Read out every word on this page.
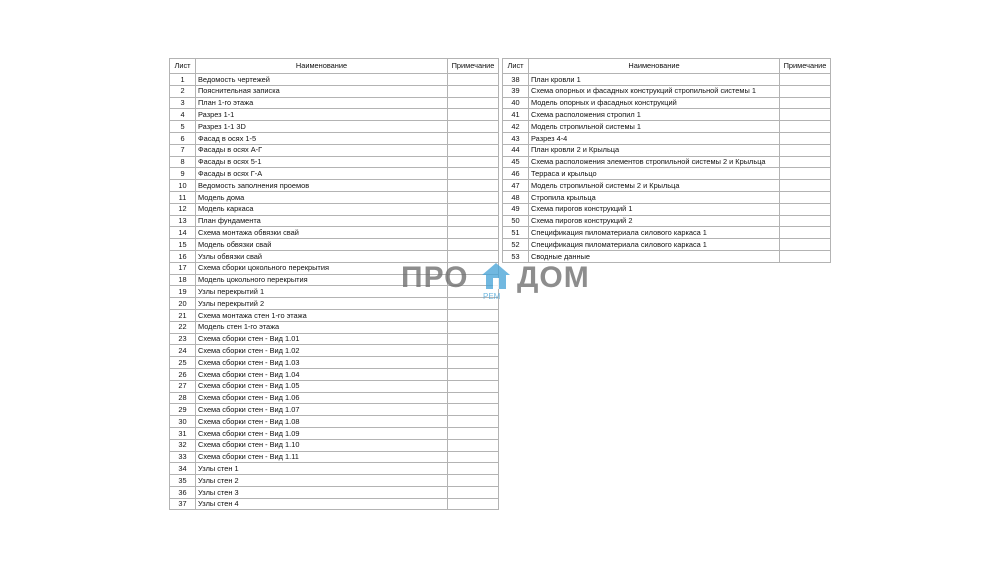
Лист	Наименование	Примечание
1	Ведомость чертежей	
2	Пояснительная записка	
3	План 1-го этажа	
4	Разрез 1-1	
5	Разрез 1-1 3D	
6	Фасад в осях 1-5	
7	Фасады в осях А-Г	
8	Фасады в осях 5-1	
9	Фасады в осях Г-А	
10	Ведомость заполнения проемов	
11	Модель дома	
12	Модель каркаса	
13	План фундамента	
14	Схема монтажа обвязки свай	
15	Модель обвязки свай	
16	Узлы обвязки свай	
17	Схема сборки цокольного перекрытия	
18	Модель цокольного перекрытия	
19	Узлы перекрытий 1	
20	Узлы перекрытий 2	
21	Схема монтажа стен 1-го этажа	
22	Модель стен 1-го этажа	
23	Схема сборки стен - Вид 1.01	
24	Схема сборки стен - Вид 1.02	
25	Схема сборки стен - Вид 1.03	
26	Схема сборки стен - Вид 1.04	
27	Схема сборки стен - Вид 1.05	
28	Схема сборки стен - Вид 1.06	
29	Схема сборки стен - Вид 1.07	
30	Схема сборки стен - Вид 1.08	
31	Схема сборки стен - Вид 1.09	
32	Схема сборки стен - Вид 1.10	
33	Схема сборки стен - Вид 1.11	
34	Узлы стен 1	
35	Узлы стен 2	
36	Узлы стен 3	
37	Узлы стен 4	
Лист	Наименование	Примечание
38	План кровли 1	
39	Схема опорных и фасадных конструкций стропильной системы 1	
40	Модель опорных и фасадных конструкций	
41	Схема расположения стропил 1	
42	Модель стропильной системы 1	
43	Разрез 4-4	
44	План кровли 2 и Крыльца	
45	Схема расположения элементов стропильной системы 2 и Крыльца	
46	Терраса и крыльцо	
47	Модель стропильной системы 2 и Крыльца	
48	Стропила крыльца	
49	Схема пирогов конструкций 1	
50	Схема пирогов конструкций 2	
51	Спецификация пиломатериала силового каркаса 1	
52	Спецификация пиломатериала силового каркаса 1	
53	Сводные данные	
ПРО
РЕМ
ДОМ
